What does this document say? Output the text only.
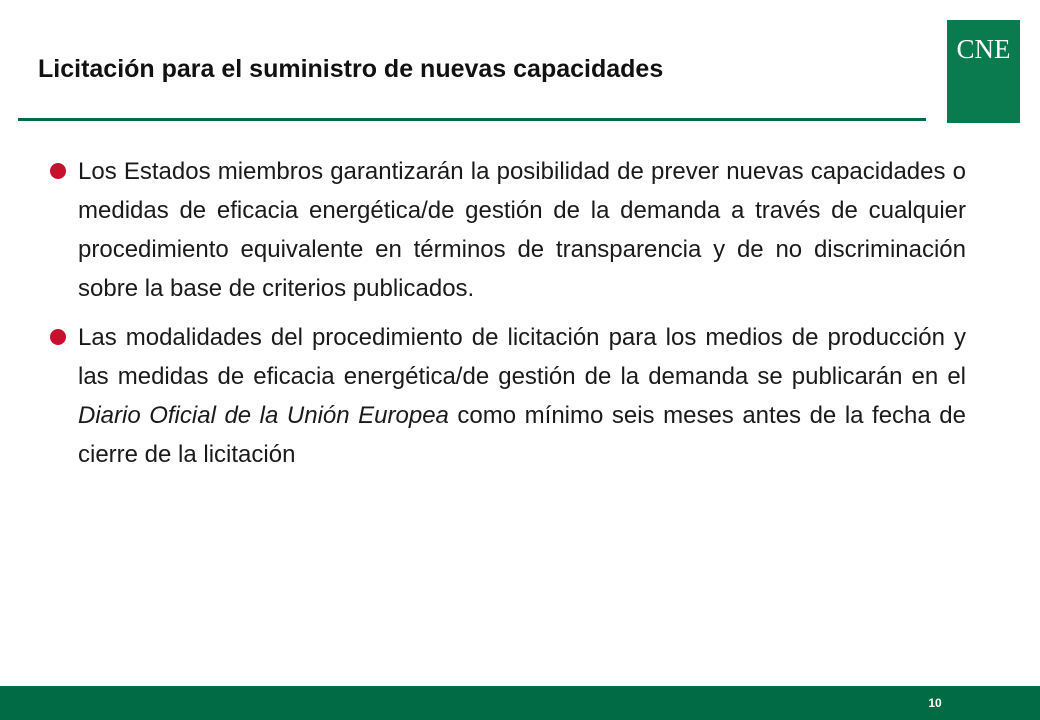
Licitación para el suministro de nuevas capacidades
CNE
Los Estados miembros garantizarán la posibilidad de prever nuevas capacidades o medidas de eficacia energética/de gestión de la demanda a través de cualquier procedimiento equivalente en términos de transparencia y de no discriminación sobre la base de criterios publicados.
Las modalidades del procedimiento de licitación para los medios de producción y las medidas de eficacia energética/de gestión de la demanda se publicarán en el Diario Oficial de la Unión Europea como mínimo seis meses antes de la fecha de cierre de la licitación
10
